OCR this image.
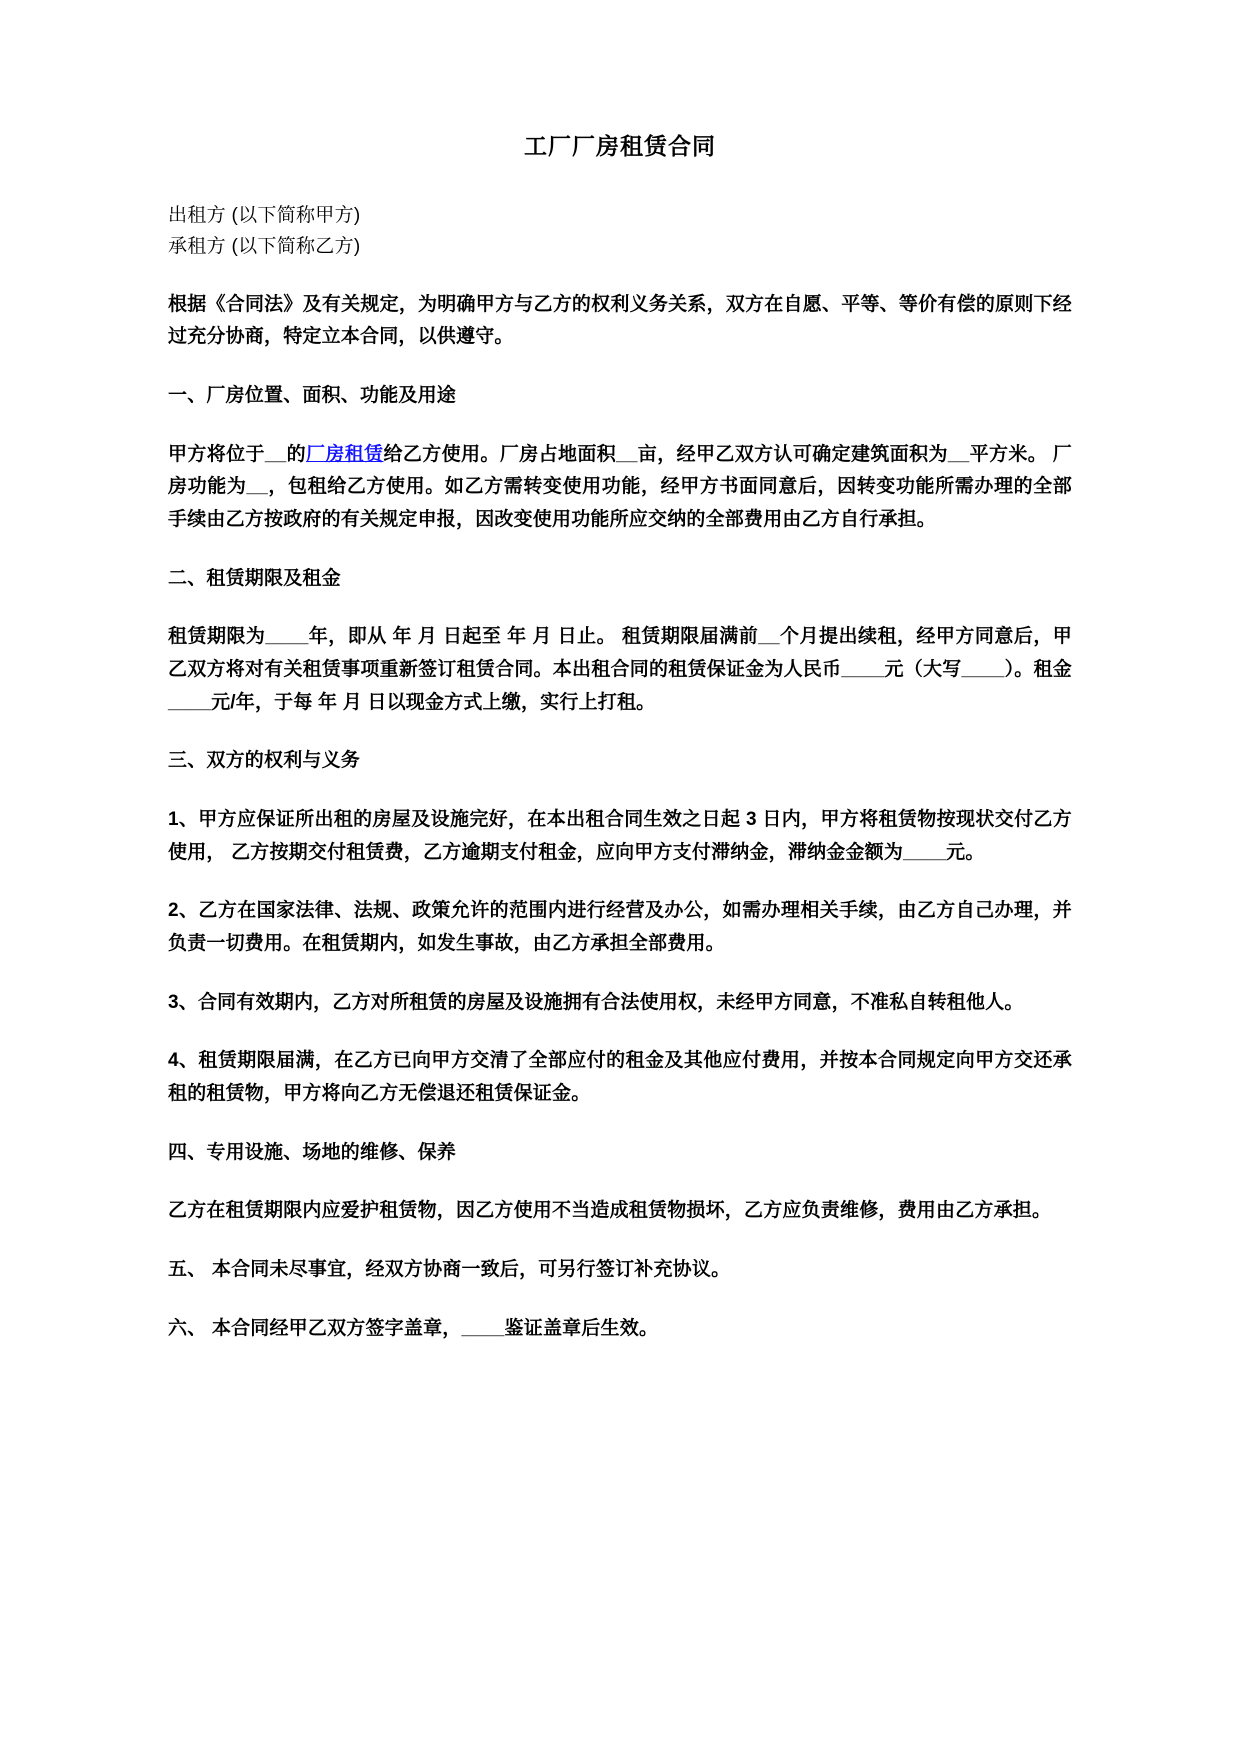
工厂厂房租赁合同

出租方 (以下简称甲方)

承租方 (以下简称乙方)

根据《合同法》及有关规定，为明确甲方与乙方的权利义务关系，双方在自愿、平等、等价有偿的原则下经过充分协商，特定立本合同，以供遵守。

一、厂房位置、面积、功能及用途

甲方将位于__的厂房租赁给乙方使用。厂房占地面积__亩，经甲乙双方认可确定建筑面积为__平方米。 厂房功能为__，包租给乙方使用。如乙方需转变使用功能，经甲方书面同意后，因转变功能所需办理的全部手续由乙方按政府的有关规定申报，因改变使用功能所应交纳的全部费用由乙方自行承担。

二、租赁期限及租金

租赁期限为____年，即从 年 月 日起至 年 月 日止。 租赁期限届满前__个月提出续租，经甲方同意后，甲乙双方将对有关租赁事项重新签订租赁合同。本出租合同的租赁保证金为人民币____元（大写____）。租金____元/年，于每 年 月 日以现金方式上缴，实行上打租。

三、双方的权利与义务

1、甲方应保证所出租的房屋及设施完好，在本出租合同生效之日起 3 日内，甲方将租赁物按现状交付乙方使用， 乙方按期交付租赁费，乙方逾期支付租金，应向甲方支付滞纳金，滞纳金金额为____元。

2、乙方在国家法律、法规、政策允许的范围内进行经营及办公，如需办理相关手续，由乙方自己办理，并负责一切费用。在租赁期内，如发生事故，由乙方承担全部费用。

3、合同有效期内，乙方对所租赁的房屋及设施拥有合法使用权，未经甲方同意，不准私自转租他人。

4、租赁期限届满，在乙方已向甲方交清了全部应付的租金及其他应付费用，并按本合同规定向甲方交还承租的租赁物，甲方将向乙方无偿退还租赁保证金。

四、专用设施、场地的维修、保养

乙方在租赁期限内应爱护租赁物，因乙方使用不当造成租赁物损坏，乙方应负责维修，费用由乙方承担。

五、 本合同未尽事宜，经双方协商一致后，可另行签订补充协议。

六、 本合同经甲乙双方签字盖章，____鉴证盖章后生效。
